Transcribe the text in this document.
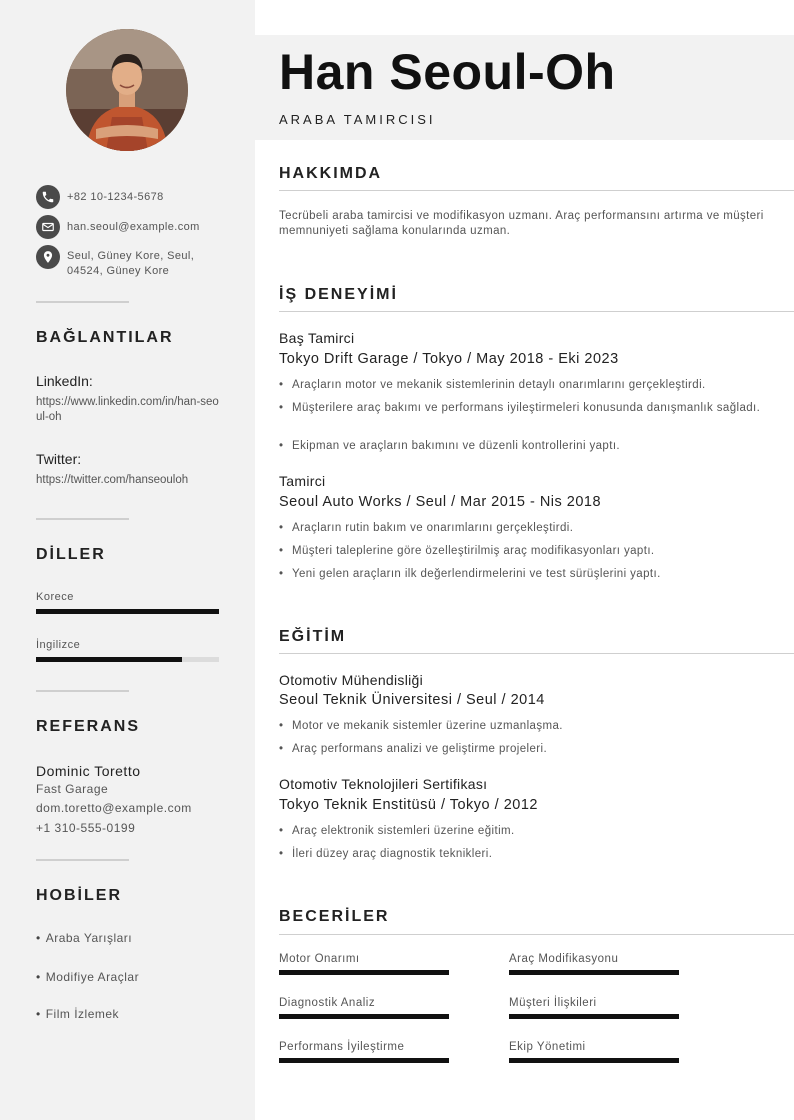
+82 10-1234-5678
han.seoul@example.com
Seul, Güney Kore, Seul, 04524, Güney Kore
BAĞLANTILAR
LinkedIn:
https://www.linkedin.com/in/han-seoul-oh
Twitter:
https://twitter.com/hanseouloh
DİLLER
Korece
İngilizce
REFERANS
Dominic Toretto
Fast Garage
dom.toretto@example.com
+1 310-555-0199
HOBİLER
• Araba Yarışları
• Modifiye Araçlar
• Film İzlemek
Han Seoul-Oh
ARABA TAMIRCISI
HAKKIMDA
Tecrübeli araba tamircisi ve modifikasyon uzmanı. Araç performansını artırma ve müşteri memnuniyeti sağlama konularında uzman.
İŞ DENEYİMİ
Baş Tamirci
Tokyo Drift Garage / Tokyo / May 2018 - Eki 2023
• Araçların motor ve mekanik sistemlerinin detaylı onarımlarını gerçekleştirdi.
• Müşterilere araç bakımı ve performans iyileştirmeleri konusunda danışmanlık sağladı.
• Ekipman ve araçların bakımını ve düzenli kontrollerini yaptı.
Tamirci
Seoul Auto Works / Seul / Mar 2015 - Nis 2018
• Araçların rutin bakım ve onarımlarını gerçekleştirdi.
• Müşteri taleplerine göre özelleştirilmiş araç modifikasyonları yaptı.
• Yeni gelen araçların ilk değerlendirmelerini ve test sürüşlerini yaptı.
EĞİTİM
Otomotiv Mühendisliği
Seoul Teknik Üniversitesi / Seul / 2014
• Motor ve mekanik sistemler üzerine uzmanlaşma.
• Araç performans analizi ve geliştirme projeleri.
Otomotiv Teknolojileri Sertifikası
Tokyo Teknik Enstitüsü / Tokyo / 2012
• Araç elektronik sistemleri üzerine eğitim.
• İleri düzey araç diagnostik teknikleri.
BECERİLER
Motor Onarımı	Araç Modifikasyonu
Diagnostik Analiz	Müşteri İlişkileri
Performans İyileştirme	Ekip Yönetimi
